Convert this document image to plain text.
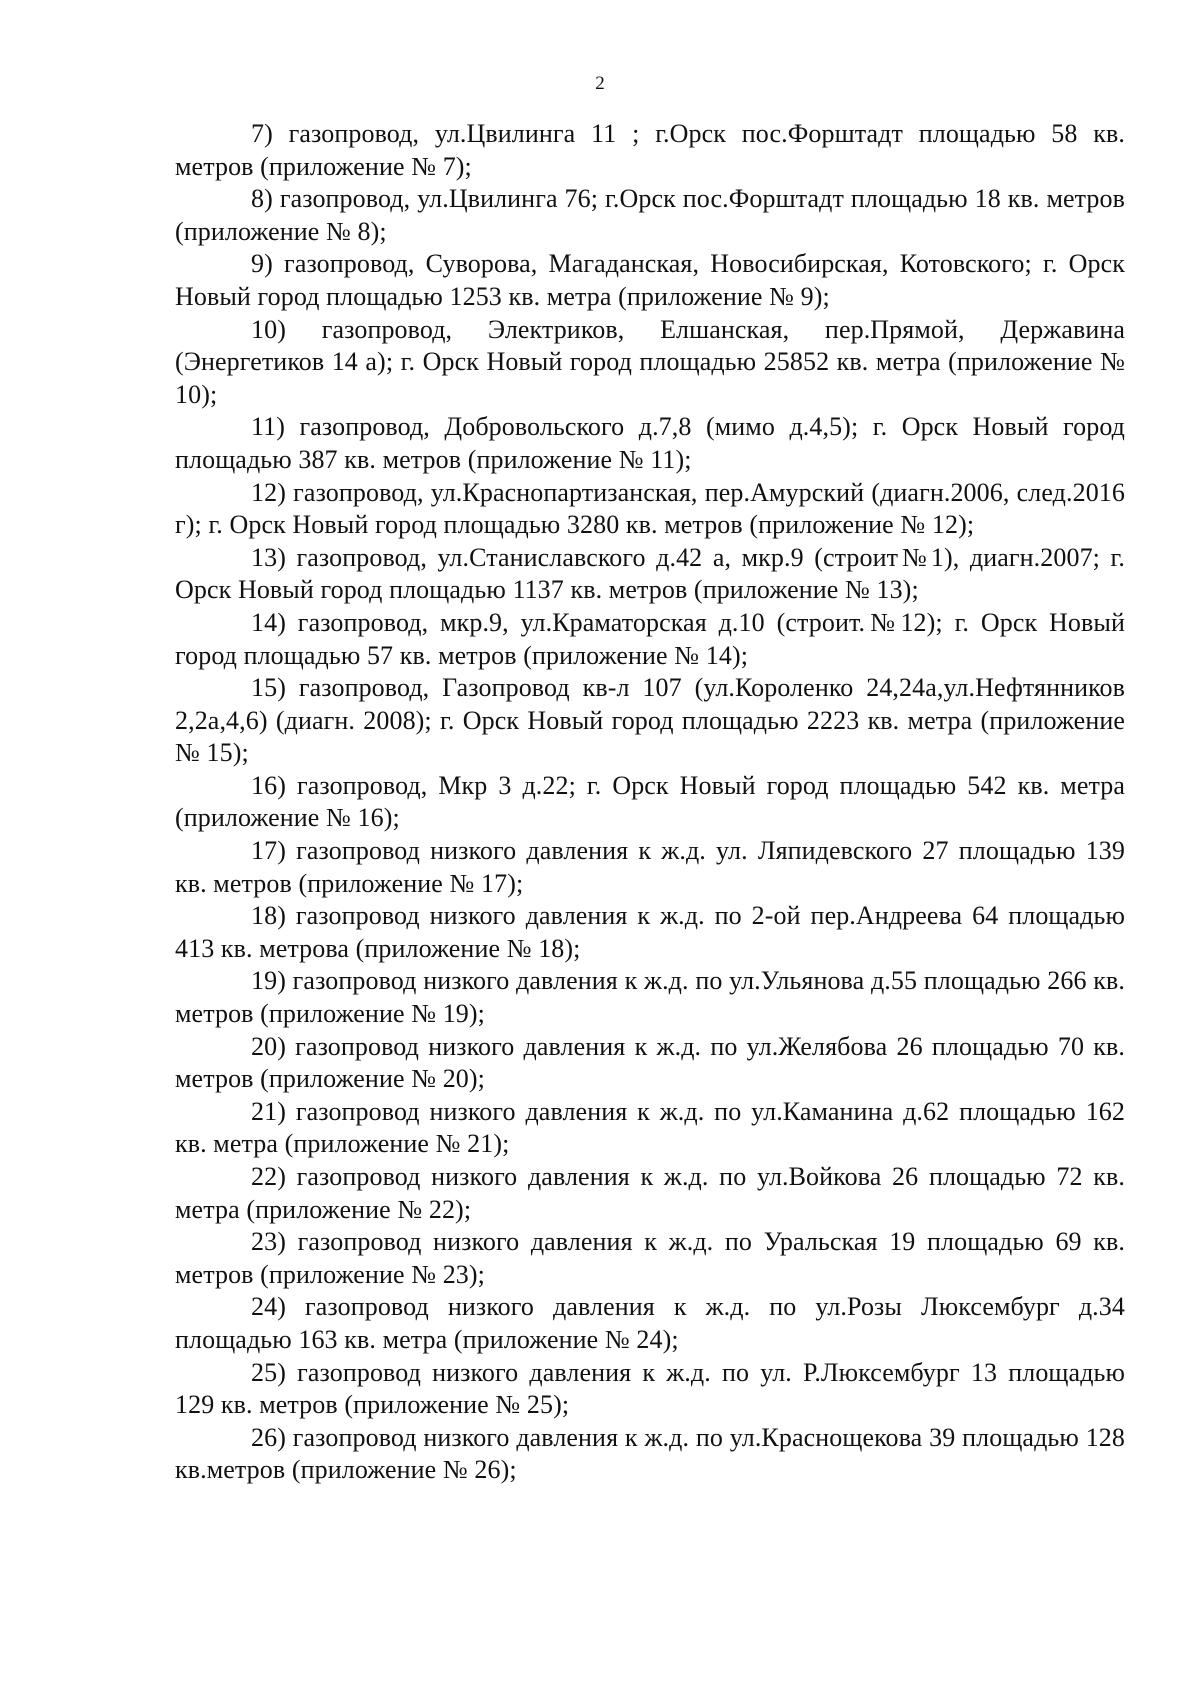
2

7) газопровод, ул.Цвилинга 11 ; г.Орск пос.Форштадт площадью 58 кв. метров (приложение № 7);

8) газопровод, ул.Цвилинга 76; г.Орск пос.Форштадт площадью 18 кв. метров (приложение № 8);

9) газопровод, Суворова, Магаданская, Новосибирская, Котовского; г. Орск Новый город площадью 1253 кв. метра (приложение № 9);

10) газопровод, Электриков, Елшанская, пер.Прямой, Державина (Энергетиков 14 а); г. Орск Новый город площадью 25852 кв. метра (приложение № 10);

11) газопровод, Добровольского д.7,8 (мимо д.4,5); г. Орск Новый город площадью 387 кв. метров (приложение № 11);

12) газопровод, ул.Краснопартизанская, пер.Амурский (диагн.2006, след.2016 г); г. Орск Новый город площадью 3280 кв. метров (приложение № 12);

13) газопровод, ул.Станиславского д.42 а, мкр.9 (строит№1), диагн.2007; г. Орск Новый город площадью 1137 кв. метров (приложение № 13);

14) газопровод, мкр.9, ул.Краматорская д.10 (строит.№12); г. Орск Новый город площадью 57 кв. метров (приложение № 14);

15) газопровод, Газопровод кв-л 107 (ул.Короленко 24,24а,ул.Нефтянников 2,2а,4,6) (диагн. 2008); г. Орск Новый город площадью 2223 кв. метра (приложение № 15);

16) газопровод, Мкр 3 д.22; г. Орск Новый город площадью 542 кв. метра (приложение № 16);

17) газопровод низкого давления к ж.д. ул. Ляпидевского 27 площадью 139 кв. метров (приложение № 17);

18) газопровод низкого давления к ж.д. по 2-ой пер.Андреева 64 площадью 413 кв. метрова (приложение № 18);

19) газопровод низкого давления к ж.д. по ул.Ульянова д.55 площадью 266 кв. метров (приложение № 19);

20) газопровод низкого давления к ж.д. по ул.Желябова 26 площадью 70 кв. метров (приложение № 20);

21) газопровод низкого давления к ж.д. по ул.Каманина д.62 площадью 162 кв. метра (приложение № 21);

22) газопровод низкого давления к ж.д. по ул.Войкова 26 площадью 72 кв. метра (приложение № 22);

23) газопровод низкого давления к ж.д. по Уральская 19 площадью 69 кв. метров (приложение № 23);

24) газопровод низкого давления к ж.д. по ул.Розы Люксембург д.34 площадью 163 кв. метра (приложение № 24);

25) газопровод низкого давления к ж.д. по ул. Р.Люксембург 13 площадью 129 кв. метров (приложение № 25);

26) газопровод низкого давления к ж.д. по ул.Краснощекова 39 площадью 128 кв.метров (приложение № 26);
